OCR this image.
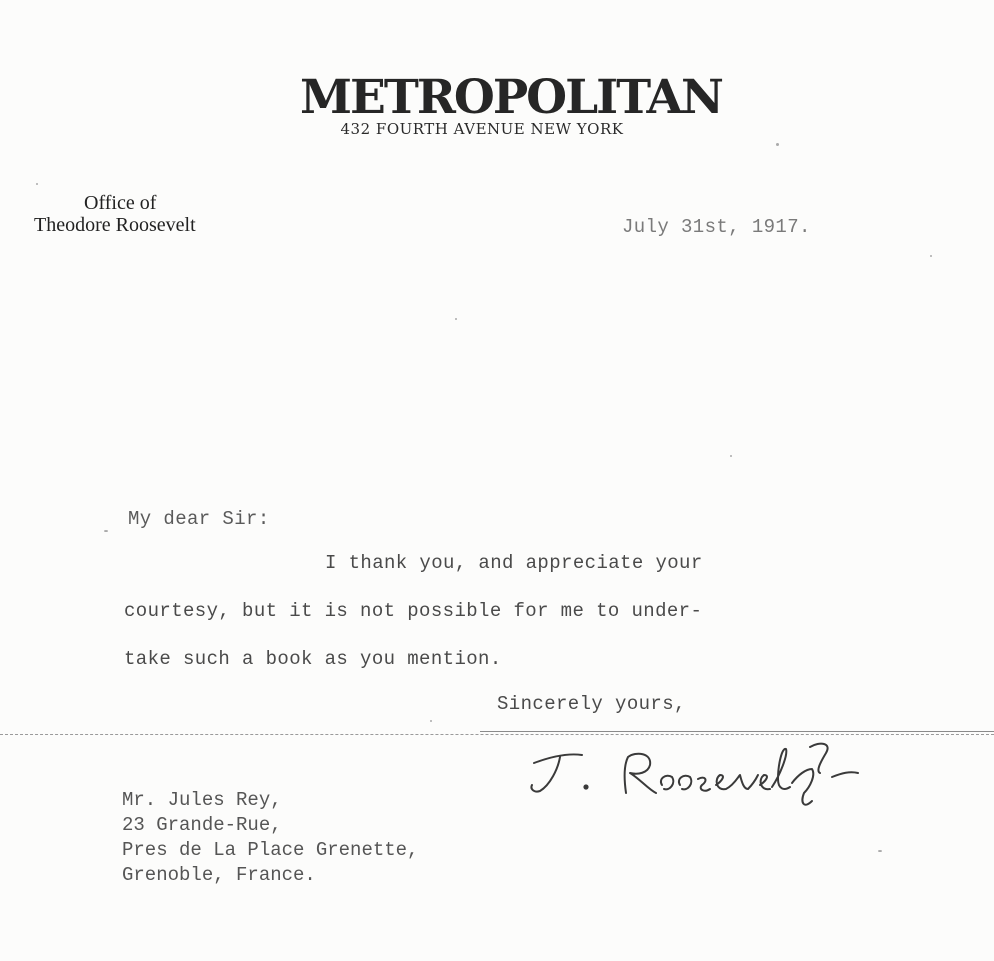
METROPOLITAN
432 FOURTH AVENUE NEW YORK
Office of
Theodore Roosevelt	July 31st, 1917.
My dear Sir:
I thank you, and appreciate your
courtesy, but it is not possible for me to under-
take such a book as you mention.
Sincerely yours,
Mr. Jules Rey,
23 Grande-Rue,
Pres de La Place Grenette,
Grenoble, France.
